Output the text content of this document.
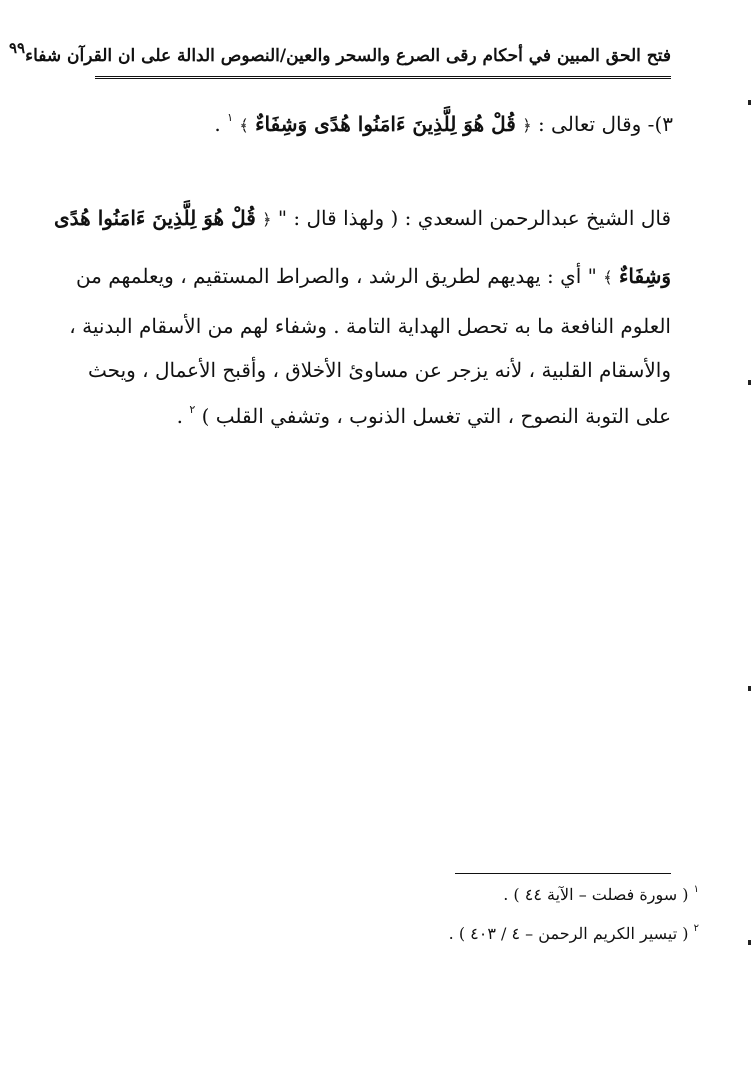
فتح الحق المبين في أحكام رقى الصرع والسحر والعين/النصوص الدالة على ان القرآن شفاء
٩٩
٣)- وقال تعالى : ﴿ قُلْ هُوَ لِلَّذِينَ ءَامَنُوا هُدًى وَشِفَاءٌ ﴾ $^١$ .
قال الشيخ عبدالرحمن السعدي : ( ولهذا قال : " ﴿ قُلْ هُوَ لِلَّذِينَ ءَامَنُوا هُدًى
وَشِفَاءٌ ﴾ " أي : يهديهم لطريق الرشد ، والصراط المستقيم ، ويعلمهم من
العلوم النافعة ما به تحصل الهداية التامة . وشفاء لهم من الأسقام البدنية ،
والأسقام القلبية ، لأنه يزجر عن مساوئ الأخلاق ، وأقبح الأعمال ، ويحث
على التوبة النصوح ، التي تغسل الذنوب ، وتشفي القلب ) $^٢$ .
$^١$ ( سورة فصلت – الآية ٤٤ ) .
$^٢$ ( تيسير الكريم الرحمن – ٤ / ٤٠٣ ) .
